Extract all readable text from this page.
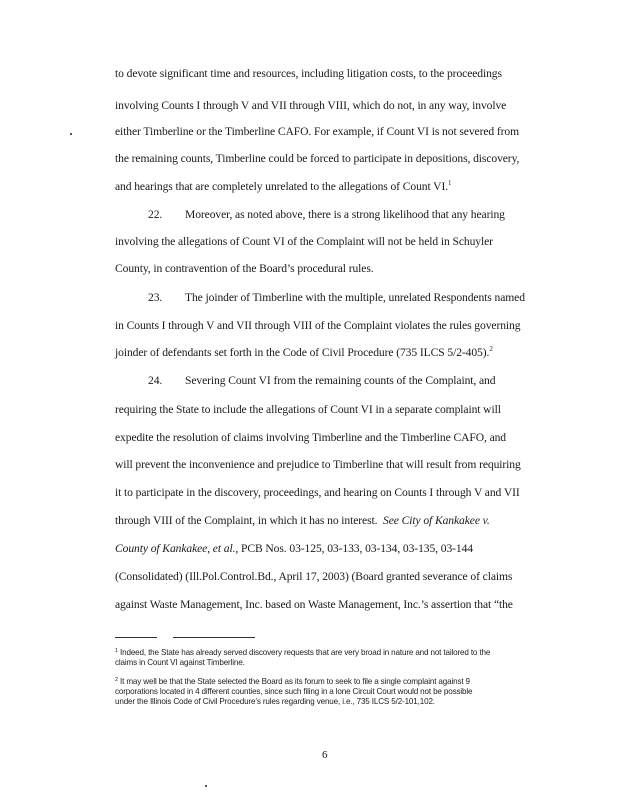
to devote significant time and resources, including litigation costs, to the proceedings
involving Counts I through V and VII through VIII, which do not, in any way, involve
either Timberline or the Timberline CAFO. For example, if Count VI is not severed from
the remaining counts, Timberline could be forced to participate in depositions, discovery,
and hearings that are completely unrelated to the allegations of Count VI.$^1$
22. Moreover, as noted above, there is a strong likelihood that any hearing
involving the allegations of Count VI of the Complaint will not be held in Schuyler
County, in contravention of the Board’s procedural rules.
23. The joinder of Timberline with the multiple, unrelated Respondents named
in Counts I through V and VII through VIII of the Complaint violates the rules governing
joinder of defendants set forth in the Code of Civil Procedure (735 ILCS 5/2-405).$^2$
24. Severing Count VI from the remaining counts of the Complaint, and
requiring the State to include the allegations of Count VI in a separate complaint will
expedite the resolution of claims involving Timberline and the Timberline CAFO, and
will prevent the inconvenience and prejudice to Timberline that will result from requiring
it to participate in the discovery, proceedings, and hearing on Counts I through V and VII
through VIII of the Complaint, in which it has no interest. See City of Kankakee v.
County of Kankakee, et al., PCB Nos. 03-125, 03-133, 03-134, 03-135, 03-144
(Consolidated) (Ill.Pol.Control.Bd., April 17, 2003) (Board granted severance of claims
against Waste Management, Inc. based on Waste Management, Inc.’s assertion that “the
$^1$ Indeed, the State has already served discovery requests that are very broad in nature and not tailored to the
claims in Count VI against Timberline.
$^2$ It may well be that the State selected the Board as its forum to seek to file a single complaint against 9
corporations located in 4 different counties, since such filing in a lone Circuit Court would not be possible
under the Illinois Code of Civil Procedure’s rules regarding venue, i.e., 735 ILCS 5/2-101,102.
6
